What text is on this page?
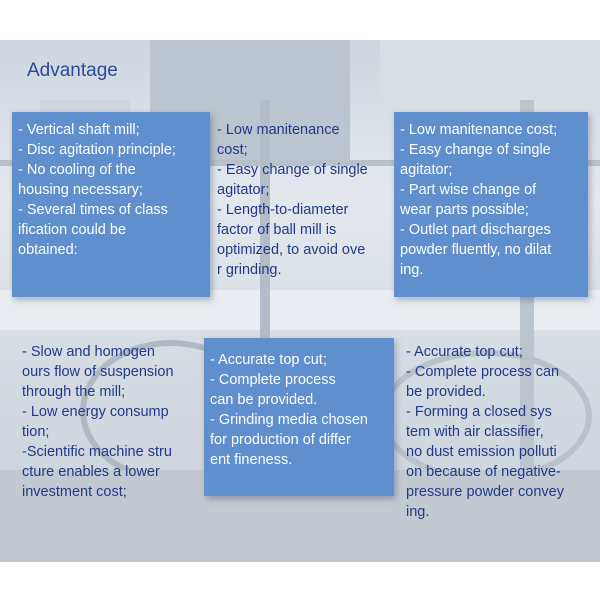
Advantage

- Vertical shaft mill;
- Disc agitation principle;
- No cooling of the
housing necessary;
- Several times of class
ification could be
obtained:

- Low manitenance
cost;
- Easy change of single
agitator;
- Length-to-diameter
factor of ball mill is
optimized, to avoid ove
r grinding.

- Low manitenance cost;
- Easy change of single
agitator;
- Part wise change of
wear parts possible;
- Outlet part discharges
powder fluently, no dilat
ing.

- Slow and homogen
ours flow of suspension
through the mill;
- Low energy consump
tion;
-Scientific machine stru
cture enables a lower
investment cost;

- Accurate top cut;
- Complete process
can be provided.
- Grinding media chosen
for production of differ
ent fineness.

- Accurate top cut;
- Complete process can
be provided.
- Forming a closed sys
tem with air classifier,
no dust emission polluti
on because of negative-
pressure powder convey
ing.
